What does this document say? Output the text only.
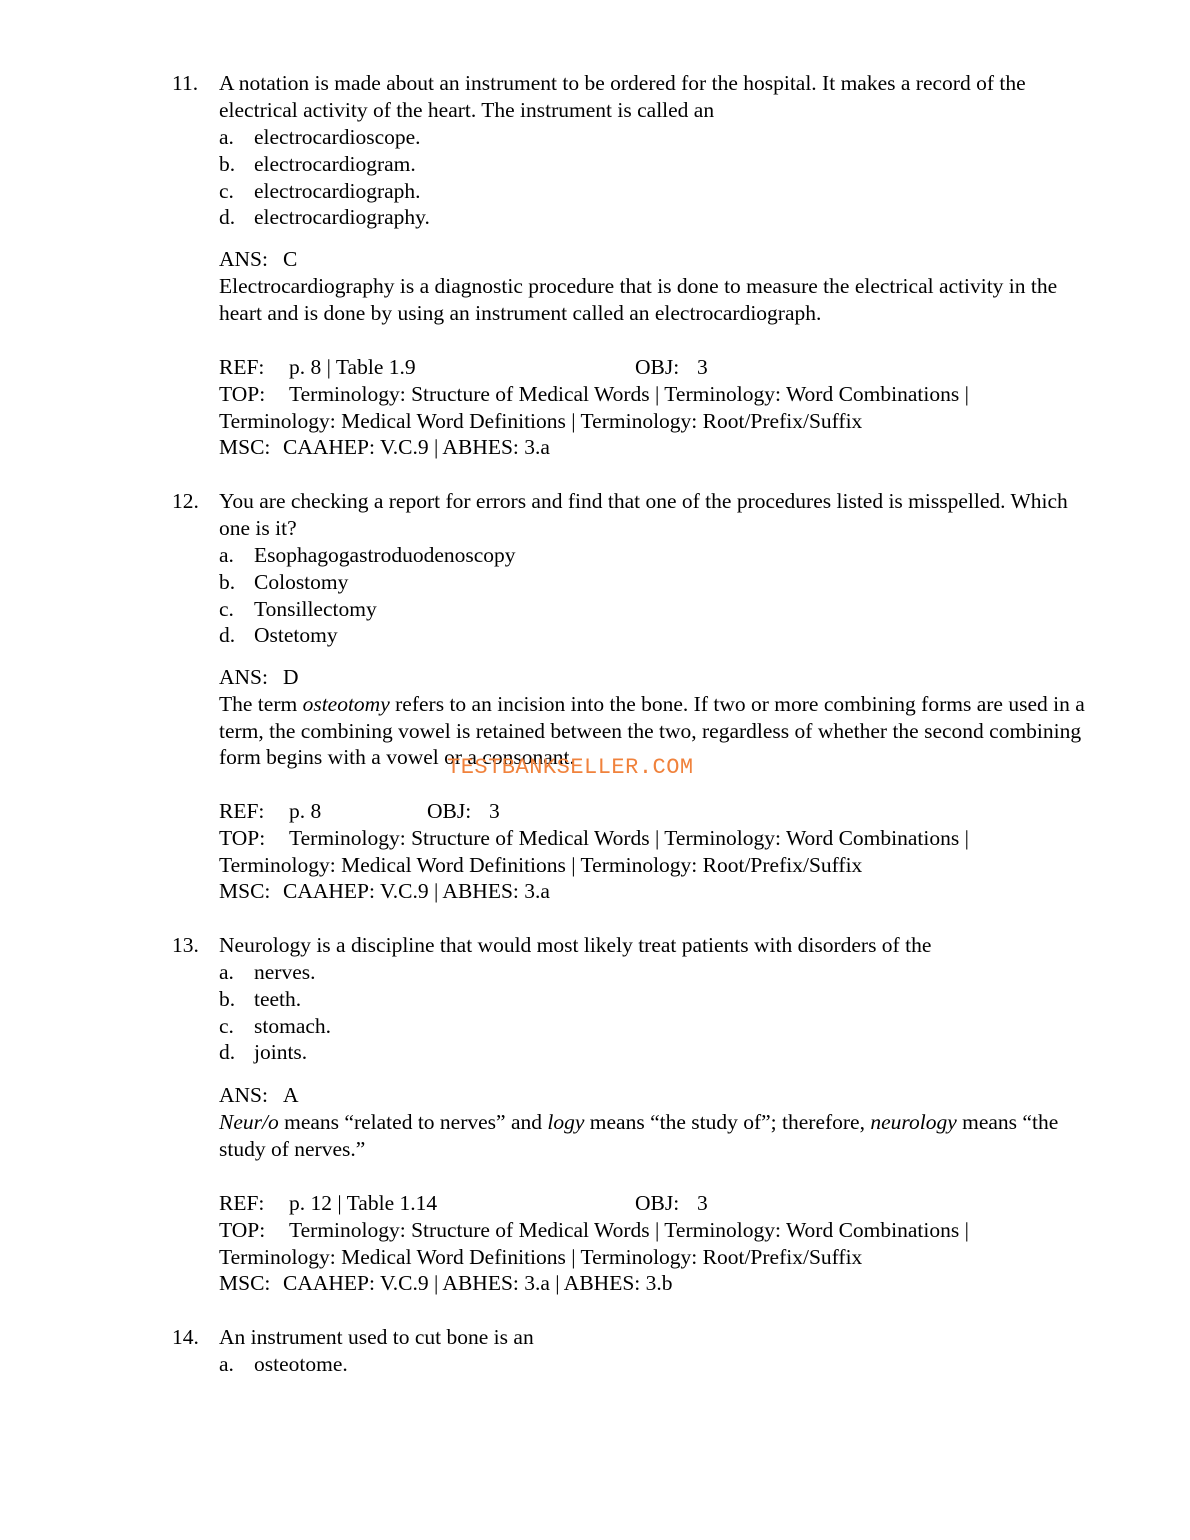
11. A notation is made about an instrument to be ordered for the hospital. It makes a record of the electrical activity of the heart. The instrument is called an
a. electrocardioscope.
b. electrocardiogram.
c. electrocardiograph.
d. electrocardiography.
ANS: C
Electrocardiography is a diagnostic procedure that is done to measure the electrical activity in the heart and is done by using an instrument called an electrocardiograph.
REF: p. 8 | Table 1.9	OBJ: 3
TOP: Terminology: Structure of Medical Words | Terminology: Word Combinations |
Terminology: Medical Word Definitions | Terminology: Root/Prefix/Suffix
MSC: CAAHEP: V.C.9 | ABHES: 3.a
12. You are checking a report for errors and find that one of the procedures listed is misspelled. Which one is it?
a. Esophagogastroduodenoscopy
b. Colostomy
c. Tonsillectomy
d. Ostetomy
ANS: D
The term osteotomy refers to an incision into the bone. If two or more combining forms are used in a term, the combining vowel is retained between the two, regardless of whether the second combining form begins with a vowel or a consonant.
REF: p. 8	OBJ: 3
TOP: Terminology: Structure of Medical Words | Terminology: Word Combinations |
Terminology: Medical Word Definitions | Terminology: Root/Prefix/Suffix
MSC: CAAHEP: V.C.9 | ABHES: 3.a
13. Neurology is a discipline that would most likely treat patients with disorders of the
a. nerves.
b. teeth.
c. stomach.
d. joints.
ANS: A
Neur/o means “related to nerves” and logy means “the study of”; therefore, neurology means “the study of nerves.”
REF: p. 12 | Table 1.14	OBJ: 3
TOP: Terminology: Structure of Medical Words | Terminology: Word Combinations |
Terminology: Medical Word Definitions | Terminology: Root/Prefix/Suffix
MSC: CAAHEP: V.C.9 | ABHES: 3.a | ABHES: 3.b
14. An instrument used to cut bone is an
a. osteotome.
TESTBANKSELLER.COM
